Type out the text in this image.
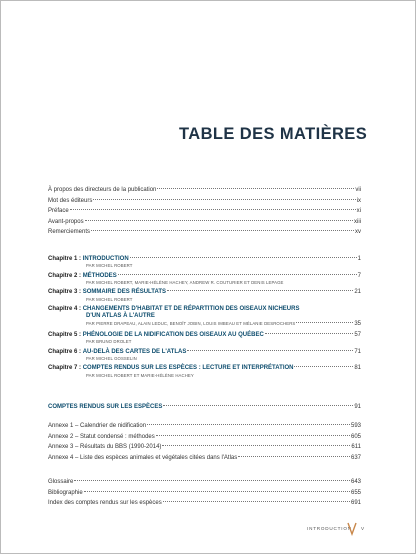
TABLE DES MATIÈRES
À propos des directeurs de la publication	vii
Mot des éditeurs	ix
Préface	xi
Avant-propos	xiii
Remerciements	xv
Chapitre 1 : INTRODUCTION	1
PAR MICHEL ROBERT
Chapitre 2 : MÉTHODES	7
PAR MICHEL ROBERT, MARIE-HÉLÈNE HACHEY, ANDREW R. COUTURIER ET DENIS LEPAGE
Chapitre 3 : SOMMAIRE DES RÉSULTATS	21
PAR MICHEL ROBERT
Chapitre 4 : CHANGEMENTS D'HABITAT ET DE RÉPARTITION DES OISEAUX NICHEURS
D'UN ATLAS À L'AUTRE
PAR PIERRE DRAPEAU, ALAIN LEDUC, BENOÎT JOBIN, LOUIS IMBEAU ET MÉLANIE DESROCHERS	35
Chapitre 5 : PHÉNOLOGIE DE LA NIDIFICATION DES OISEAUX AU QUÉBEC	57
PAR BRUNO DROLET
Chapitre 6 : AU-DELÀ DES CARTES DE L'ATLAS	71
PAR MICHEL GOSSELIN
Chapitre 7 : COMPTES RENDUS SUR LES ESPÈCES : LECTURE ET INTERPRÉTATION	81
PAR MICHEL ROBERT ET MARIE-HÉLÈNE HACHEY
COMPTES RENDUS SUR LES ESPÈCES	91
Annexe 1 – Calendrier de nidification	593
Annexe 2 – Statut condensé : méthodes	605
Annexe 3 – Résultats du BBS (1990-2014)	611
Annexe 4 – Liste des espèces animales et végétales citées dans l'Atlas	637
Glossaire	643
Bibliographie	655
Index des comptes rendus sur les espèces	691
INTRODUCTION V
